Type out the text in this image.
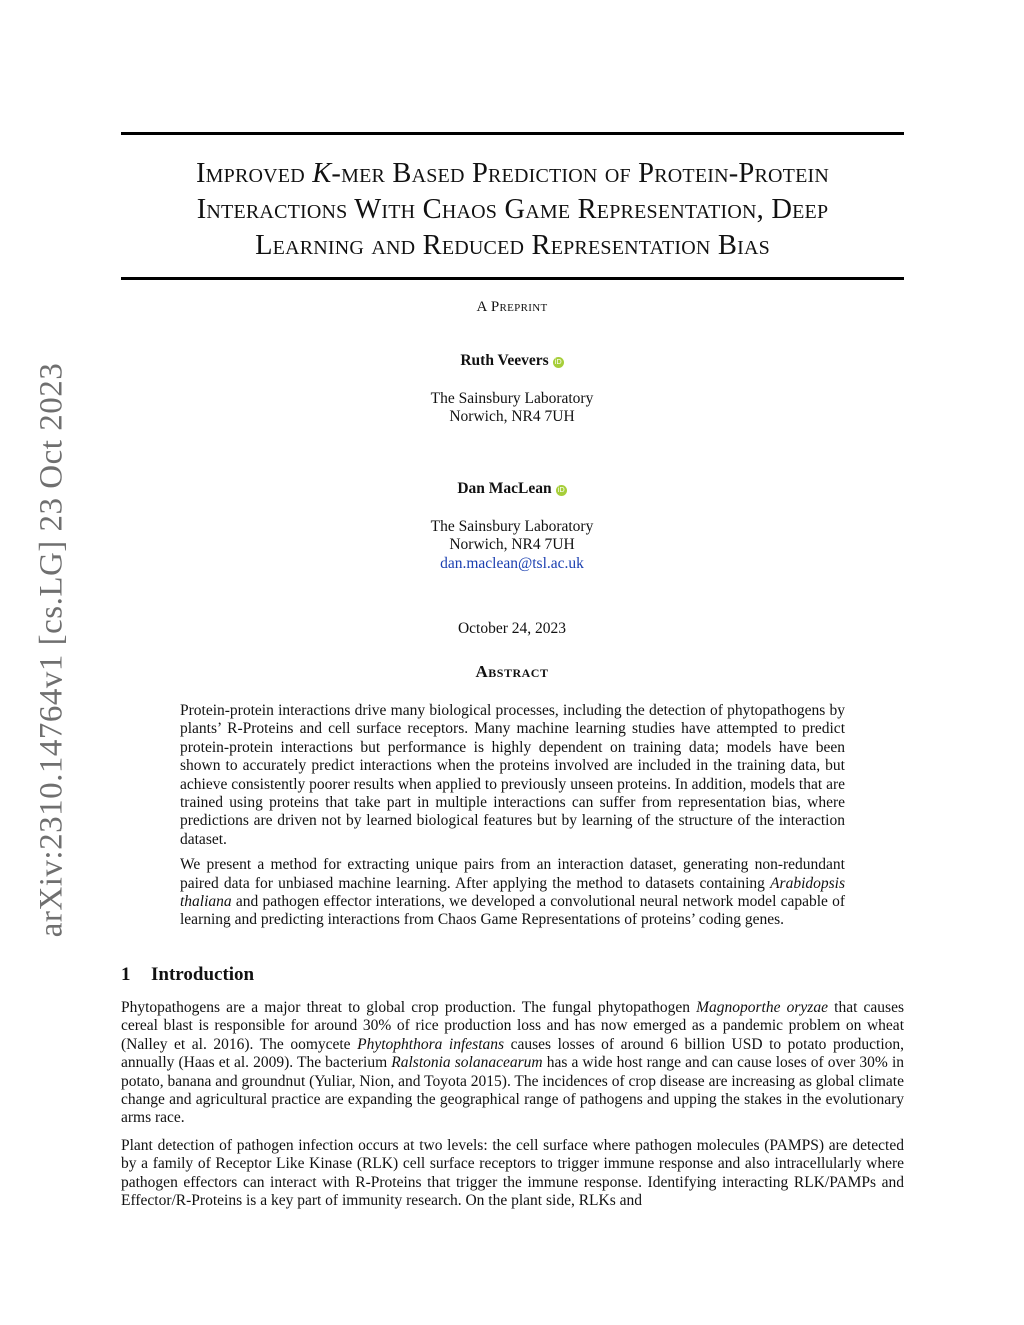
arXiv:2310.14764v1 [cs.LG] 23 Oct 2023
Improved K-mer Based Prediction of Protein-Protein
Interactions With Chaos Game Representation, Deep
Learning and Reduced Representation Bias
A Preprint
Ruth Veevers iD
The Sainsbury Laboratory
Norwich, NR4 7UH
Dan MacLean iD
The Sainsbury Laboratory
Norwich, NR4 7UH
dan.maclean@tsl.ac.uk
October 24, 2023
Abstract

Protein-protein interactions drive many biological processes, including the detection of phytopathogens by plants’ R-Proteins and cell surface receptors. Many machine learning studies have attempted to predict protein-protein interactions but performance is highly dependent on training data; models have been shown to accurately predict interactions when the proteins involved are included in the training data, but achieve consistently poorer results when applied to previously unseen proteins. In addition, models that are trained using proteins that take part in multiple interactions can suffer from representation bias, where predictions are driven not by learned biological features but by learning of the structure of the interaction dataset.

We present a method for extracting unique pairs from an interaction dataset, generating non-redundant paired data for unbiased machine learning. After applying the method to datasets containing Arabidopsis thaliana and pathogen effector interations, we developed a convolutional neural network model capable of learning and predicting interactions from Chaos Game Representations of proteins’ coding genes.

1 Introduction

Phytopathogens are a major threat to global crop production. The fungal phytopathogen Magnoporthe oryzae that causes cereal blast is responsible for around 30% of rice production loss and has now emerged as a pandemic problem on wheat (Nalley et al. 2016). The oomycete Phytophthora infestans causes losses of around 6 billion USD to potato production, annually (Haas et al. 2009). The bacterium Ralstonia solanacearum has a wide host range and can cause loses of over 30% in potato, banana and groundnut (Yuliar, Nion, and Toyota 2015). The incidences of crop disease are increasing as global climate change and agricultural practice are expanding the geographical range of pathogens and upping the stakes in the evolutionary arms race.

Plant detection of pathogen infection occurs at two levels: the cell surface where pathogen molecules (PAMPS) are detected by a family of Receptor Like Kinase (RLK) cell surface receptors to trigger immune response and also intracellularly where pathogen effectors can interact with R-Proteins that trigger the immune response. Identifying interacting RLK/PAMPs and Effector/R-Proteins is a key part of immunity research. On the plant side, RLKs and
